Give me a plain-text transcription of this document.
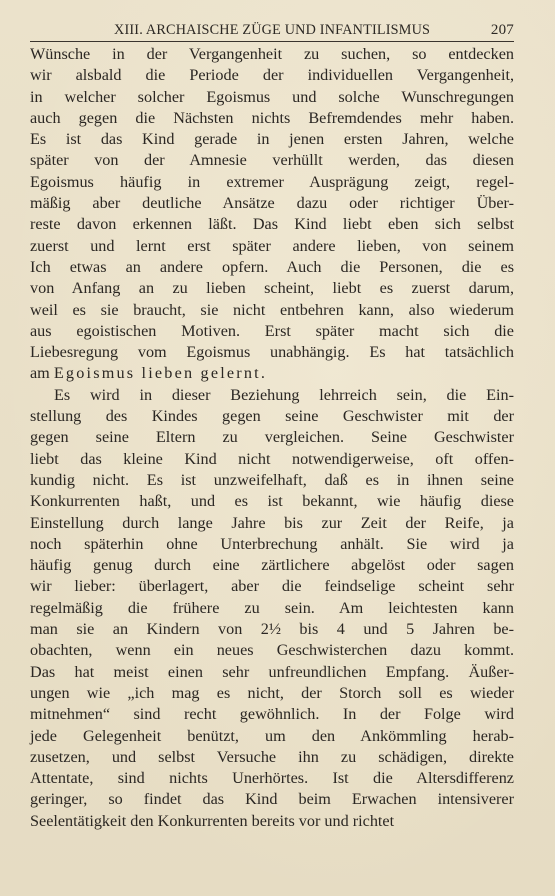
XIII. ARCHAISCHE ZÜGE UND INFANTILISMUS	207
Wünsche in der Vergangenheit zu suchen, so entdecken
wir alsbald die Periode der individuellen Vergangenheit,
in welcher solcher Egoismus und solche Wunschregungen
auch gegen die Nächsten nichts Befremdendes mehr haben.
Es ist das Kind gerade in jenen ersten Jahren, welche
später von der Amnesie verhüllt werden, das diesen
Egoismus häufig in extremer Ausprägung zeigt, regel-
mäßig aber deutliche Ansätze dazu oder richtiger Über-
reste davon erkennen läßt. Das Kind liebt eben sich selbst
zuerst und lernt erst später andere lieben, von seinem
Ich etwas an andere opfern. Auch die Personen, die es
von Anfang an zu lieben scheint, liebt es zuerst darum,
weil es sie braucht, sie nicht entbehren kann, also wiederum
aus egoistischen Motiven. Erst später macht sich die
Liebesregung vom Egoismus unabhängig. Es hat tatsächlich
am Egoismus lieben gelernt.
Es wird in dieser Beziehung lehrreich sein, die Ein-
stellung des Kindes gegen seine Geschwister mit der
gegen seine Eltern zu vergleichen. Seine Geschwister
liebt das kleine Kind nicht notwendigerweise, oft offen-
kundig nicht. Es ist unzweifelhaft, daß es in ihnen seine
Konkurrenten haßt, und es ist bekannt, wie häufig diese
Einstellung durch lange Jahre bis zur Zeit der Reife, ja
noch späterhin ohne Unterbrechung anhält. Sie wird ja
häufig genug durch eine zärtlichere abgelöst oder sagen
wir lieber: überlagert, aber die feindselige scheint sehr
regelmäßig die frühere zu sein. Am leichtesten kann
man sie an Kindern von 2½ bis 4 und 5 Jahren be-
obachten, wenn ein neues Geschwisterchen dazu kommt.
Das hat meist einen sehr unfreundlichen Empfang. Äußer-
ungen wie „ich mag es nicht, der Storch soll es wieder
mitnehmen“ sind recht gewöhnlich. In der Folge wird
jede Gelegenheit benützt, um den Ankömmling herab-
zusetzen, und selbst Versuche ihn zu schädigen, direkte
Attentate, sind nichts Unerhörtes. Ist die Altersdifferenz
geringer, so findet das Kind beim Erwachen intensiverer
Seelentätigkeit den Konkurrenten bereits vor und richtet
